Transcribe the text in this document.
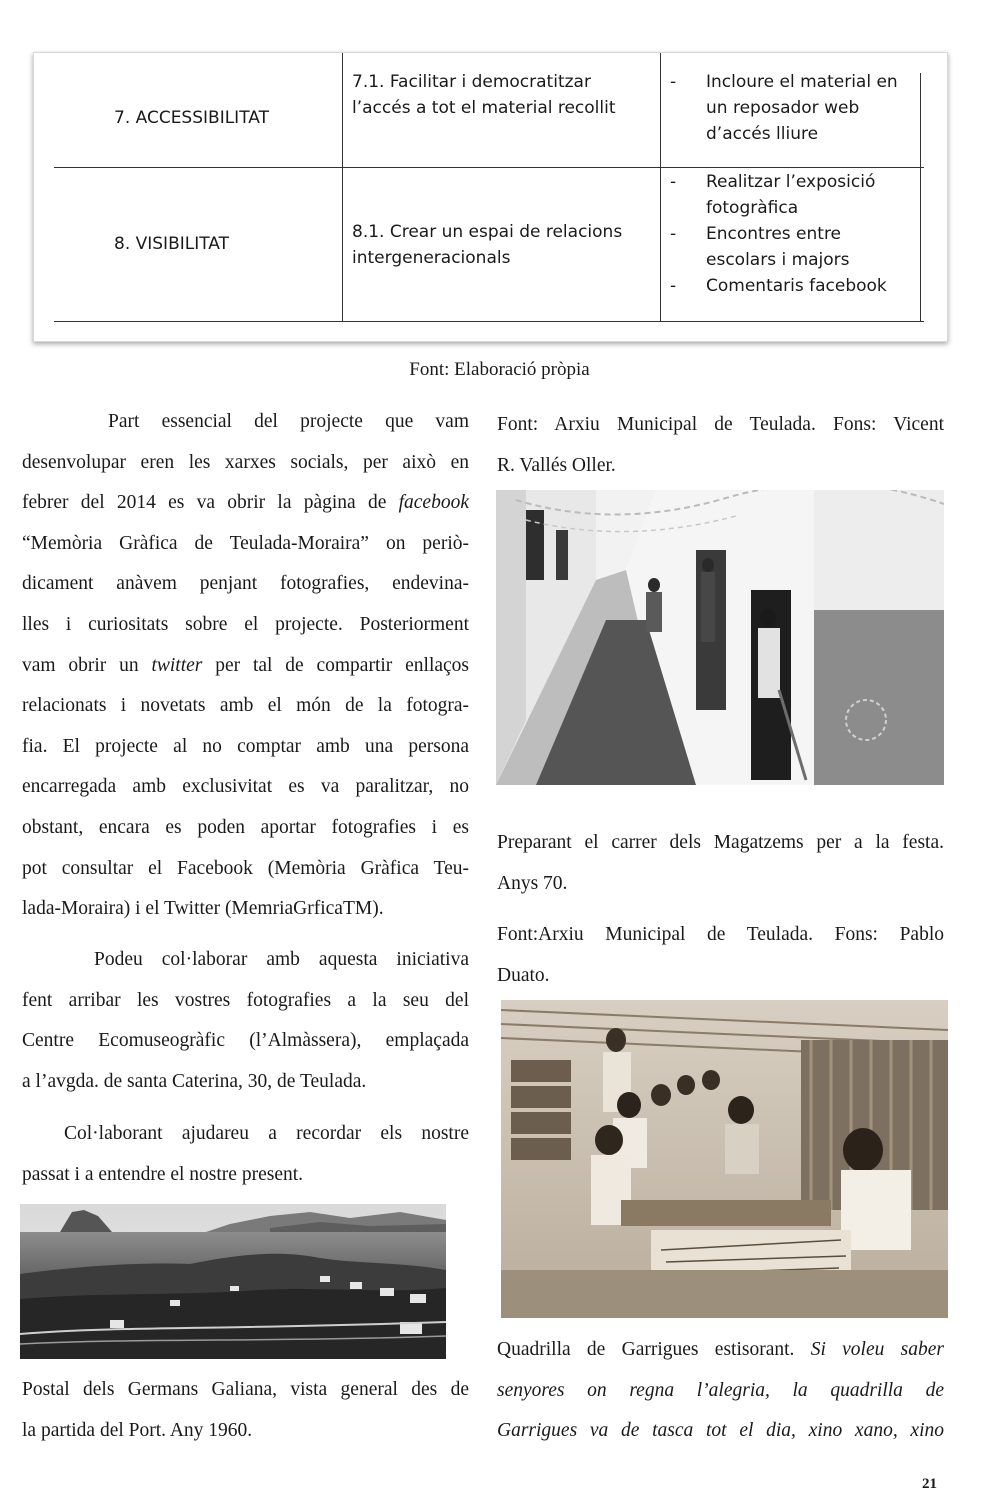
7. ACCESSIBILITAT
7.1. Facilitar i democratitzar
l’accés a tot el material recollit
- Incloure el material en
un reposador web
d’accés lliure
8. VISIBILITAT
8.1. Crear un espai de relacions
intergeneracionals
- Realitzar l’exposició
fotogràfica
- Encontres entre
escolars i majors
- Comentaris facebook
Font: Elaboració pròpia
Part essencial del projecte que vam
desenvolupar eren les xarxes socials, per això en
febrer del 2014 es va obrir la pàgina de facebook
“Memòria Gràfica de Teulada-Moraira” on periò-
dicament anàvem penjant fotografies, endevina-
lles i curiositats sobre el projecte. Posteriorment
vam obrir un twitter per tal de compartir enllaços
relacionats i novetats amb el món de la fotogra-
fia. El projecte al no comptar amb una persona
encarregada amb exclusivitat es va paralitzar, no
obstant, encara es poden aportar fotografies i es
pot consultar el Facebook (Memòria Gràfica Teu-
lada-Moraira) i el Twitter (MemriaGrficaTM).
Podeu col·laborar amb aquesta iniciativa
fent arribar les vostres fotografies a la seu del
Centre Ecomuseogràfic (l’Almàssera), emplaçada
a l’avgda. de santa Caterina, 30, de Teulada.
Col·laborant ajudareu a recordar els nostre
passat i a entendre el nostre present.
Postal dels Germans Galiana, vista general des de
la partida del Port. Any 1960.
Font: Arxiu Municipal de Teulada. Fons: Vicent
R. Vallés Oller.
Preparant el carrer dels Magatzems per a la festa.
Anys 70.
Font:Arxiu Municipal de Teulada. Fons: Pablo
Duato.
Quadrilla de Garrigues estisorant. Si voleu saber
senyores on regna l’alegria, la quadrilla de
Garrigues va de tasca tot el dia, xino xano, xino
21
